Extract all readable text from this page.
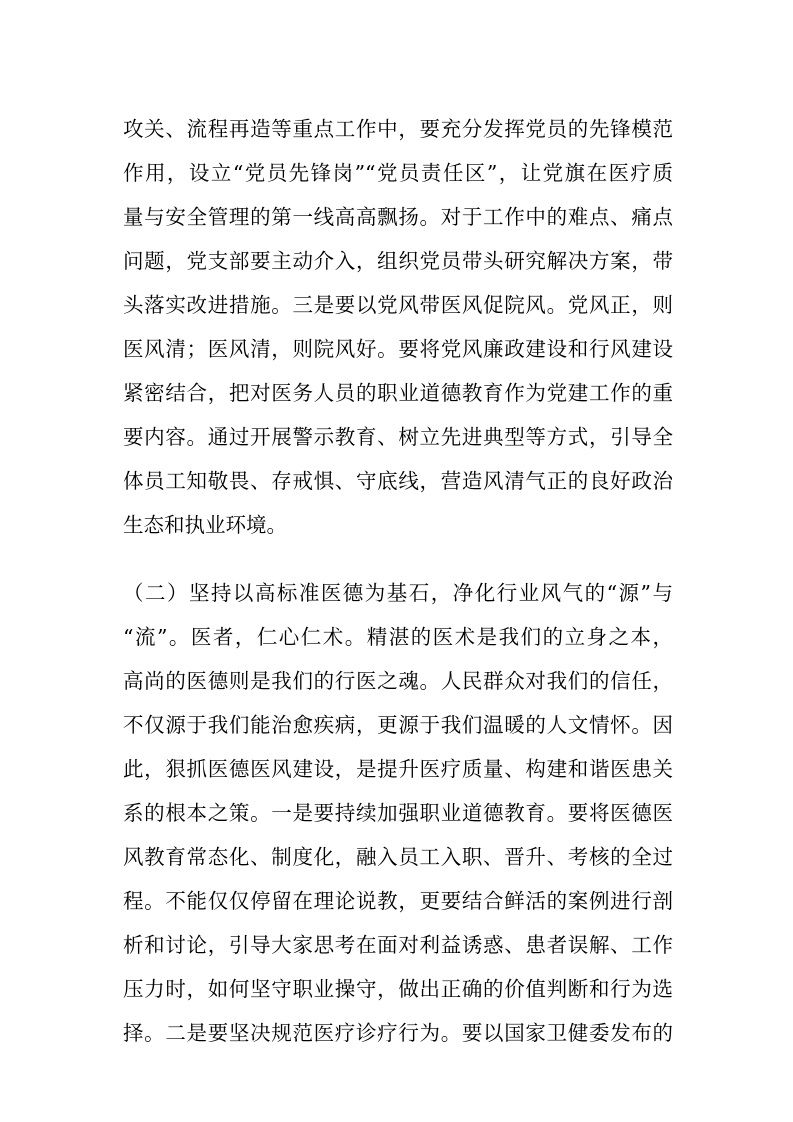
攻关、流程再造等重点工作中，要充分发挥党员的先锋模范
作用，设立“党员先锋岗”“党员责任区”，让党旗在医疗质
量与安全管理的第一线高高飘扬。对于工作中的难点、痛点
问题，党支部要主动介入，组织党员带头研究解决方案，带
头落实改进措施。三是要以党风带医风促院风。党风正，则
医风清；医风清，则院风好。要将党风廉政建设和行风建设
紧密结合，把对医务人员的职业道德教育作为党建工作的重
要内容。通过开展警示教育、树立先进典型等方式，引导全
体员工知敬畏、存戒惧、守底线，营造风清气正的良好政治
生态和执业环境。
（二）坚持以高标准医德为基石，净化行业风气的“源”与
“流”。医者，仁心仁术。精湛的医术是我们的立身之本，
高尚的医德则是我们的行医之魂。人民群众对我们的信任，
不仅源于我们能治愈疾病，更源于我们温暖的人文情怀。因
此，狠抓医德医风建设，是提升医疗质量、构建和谐医患关
系的根本之策。一是要持续加强职业道德教育。要将医德医
风教育常态化、制度化，融入员工入职、晋升、考核的全过
程。不能仅仅停留在理论说教，更要结合鲜活的案例进行剖
析和讨论，引导大家思考在面对利益诱惑、患者误解、工作
压力时，如何坚守职业操守，做出正确的价值判断和行为选
择。二是要坚决规范医疗诊疗行为。要以国家卫健委发布的
